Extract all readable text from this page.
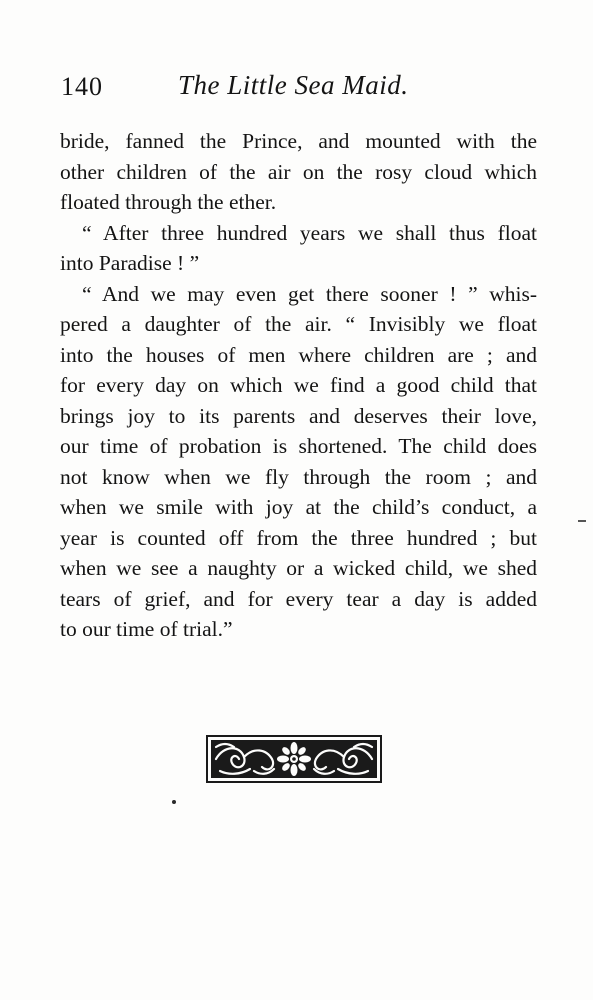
140	The Little Sea Maid.
bride, fanned the Prince, and mounted with the
other children of the air on the rosy cloud which
floated through the ether.
“ After three hundred years we shall thus float
into Paradise ! ”
“ And we may even get there sooner ! ” whis-
pered a daughter of the air. “ Invisibly we float
into the houses of men where children are ; and
for every day on which we find a good child that
brings joy to its parents and deserves their love,
our time of probation is shortened. The child does
not know when we fly through the room ; and
when we smile with joy at the child’s conduct, a
year is counted off from the three hundred ; but
when we see a naughty or a wicked child, we shed
tears of grief, and for every tear a day is added
to our time of trial.”
